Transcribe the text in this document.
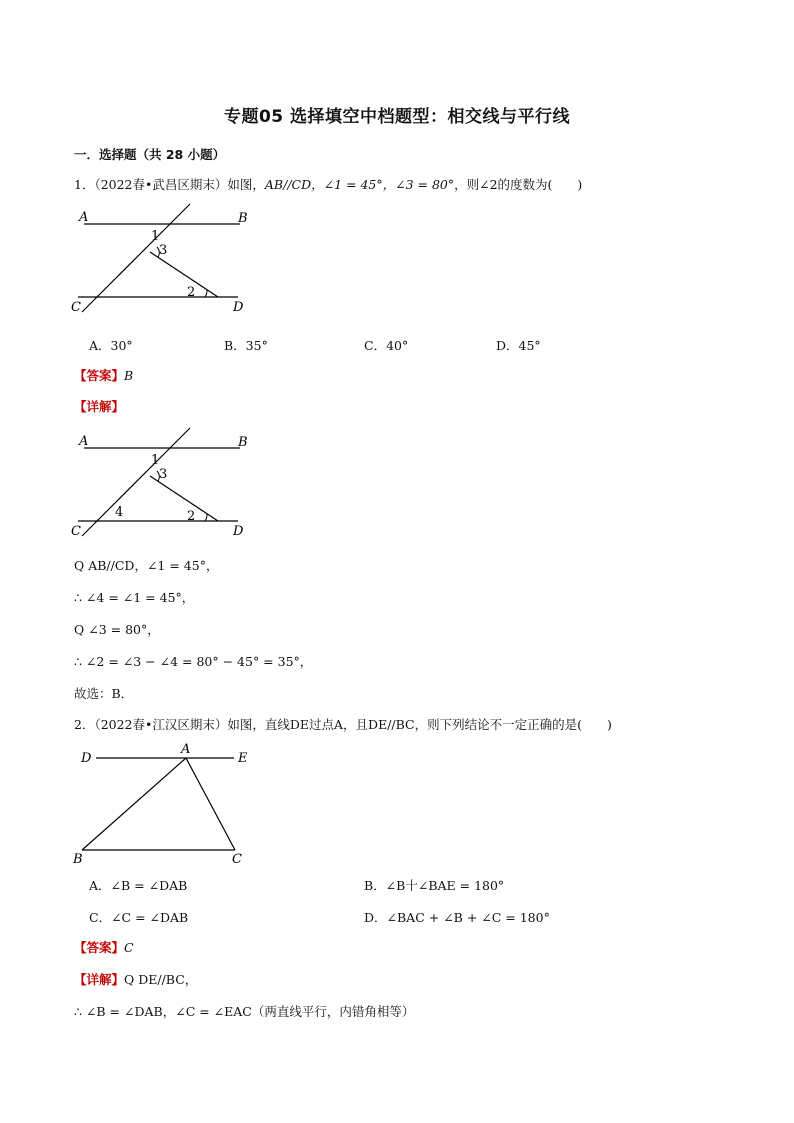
专题05 选择填空中档题型：相交线与平行线
一．选择题（共 28 小题）
1．（2022春•武昌区期末）如图，AB//CD，∠1 = 45°，∠3 = 80°，则∠2的度数为(　　)
A	B
C	D
1
3
2
A．30°	B．35°	C．40°	D．45°
【答案】B
【详解】
A	B
C	D
1
3
2
4
Q AB//CD，∠1 = 45°，
∴ ∠4 = ∠1 = 45°，
Q ∠3 = 80°，
∴ ∠2 = ∠3 − ∠4 = 80° − 45° = 35°，
故选：B．
2．（2022春•江汉区期末）如图，直线DE过点A，且DE//BC，则下列结论不一定正确的是(　　)
D
A
E
B	C
A．∠B = ∠DAB	B．∠B十∠BAE = 180°
C．∠C = ∠DAB	D．∠BAC + ∠B + ∠C = 180°
【答案】C
【详解】Q DE//BC，
∴ ∠B = ∠DAB，∠C = ∠EAC（两直线平行，内错角相等）
